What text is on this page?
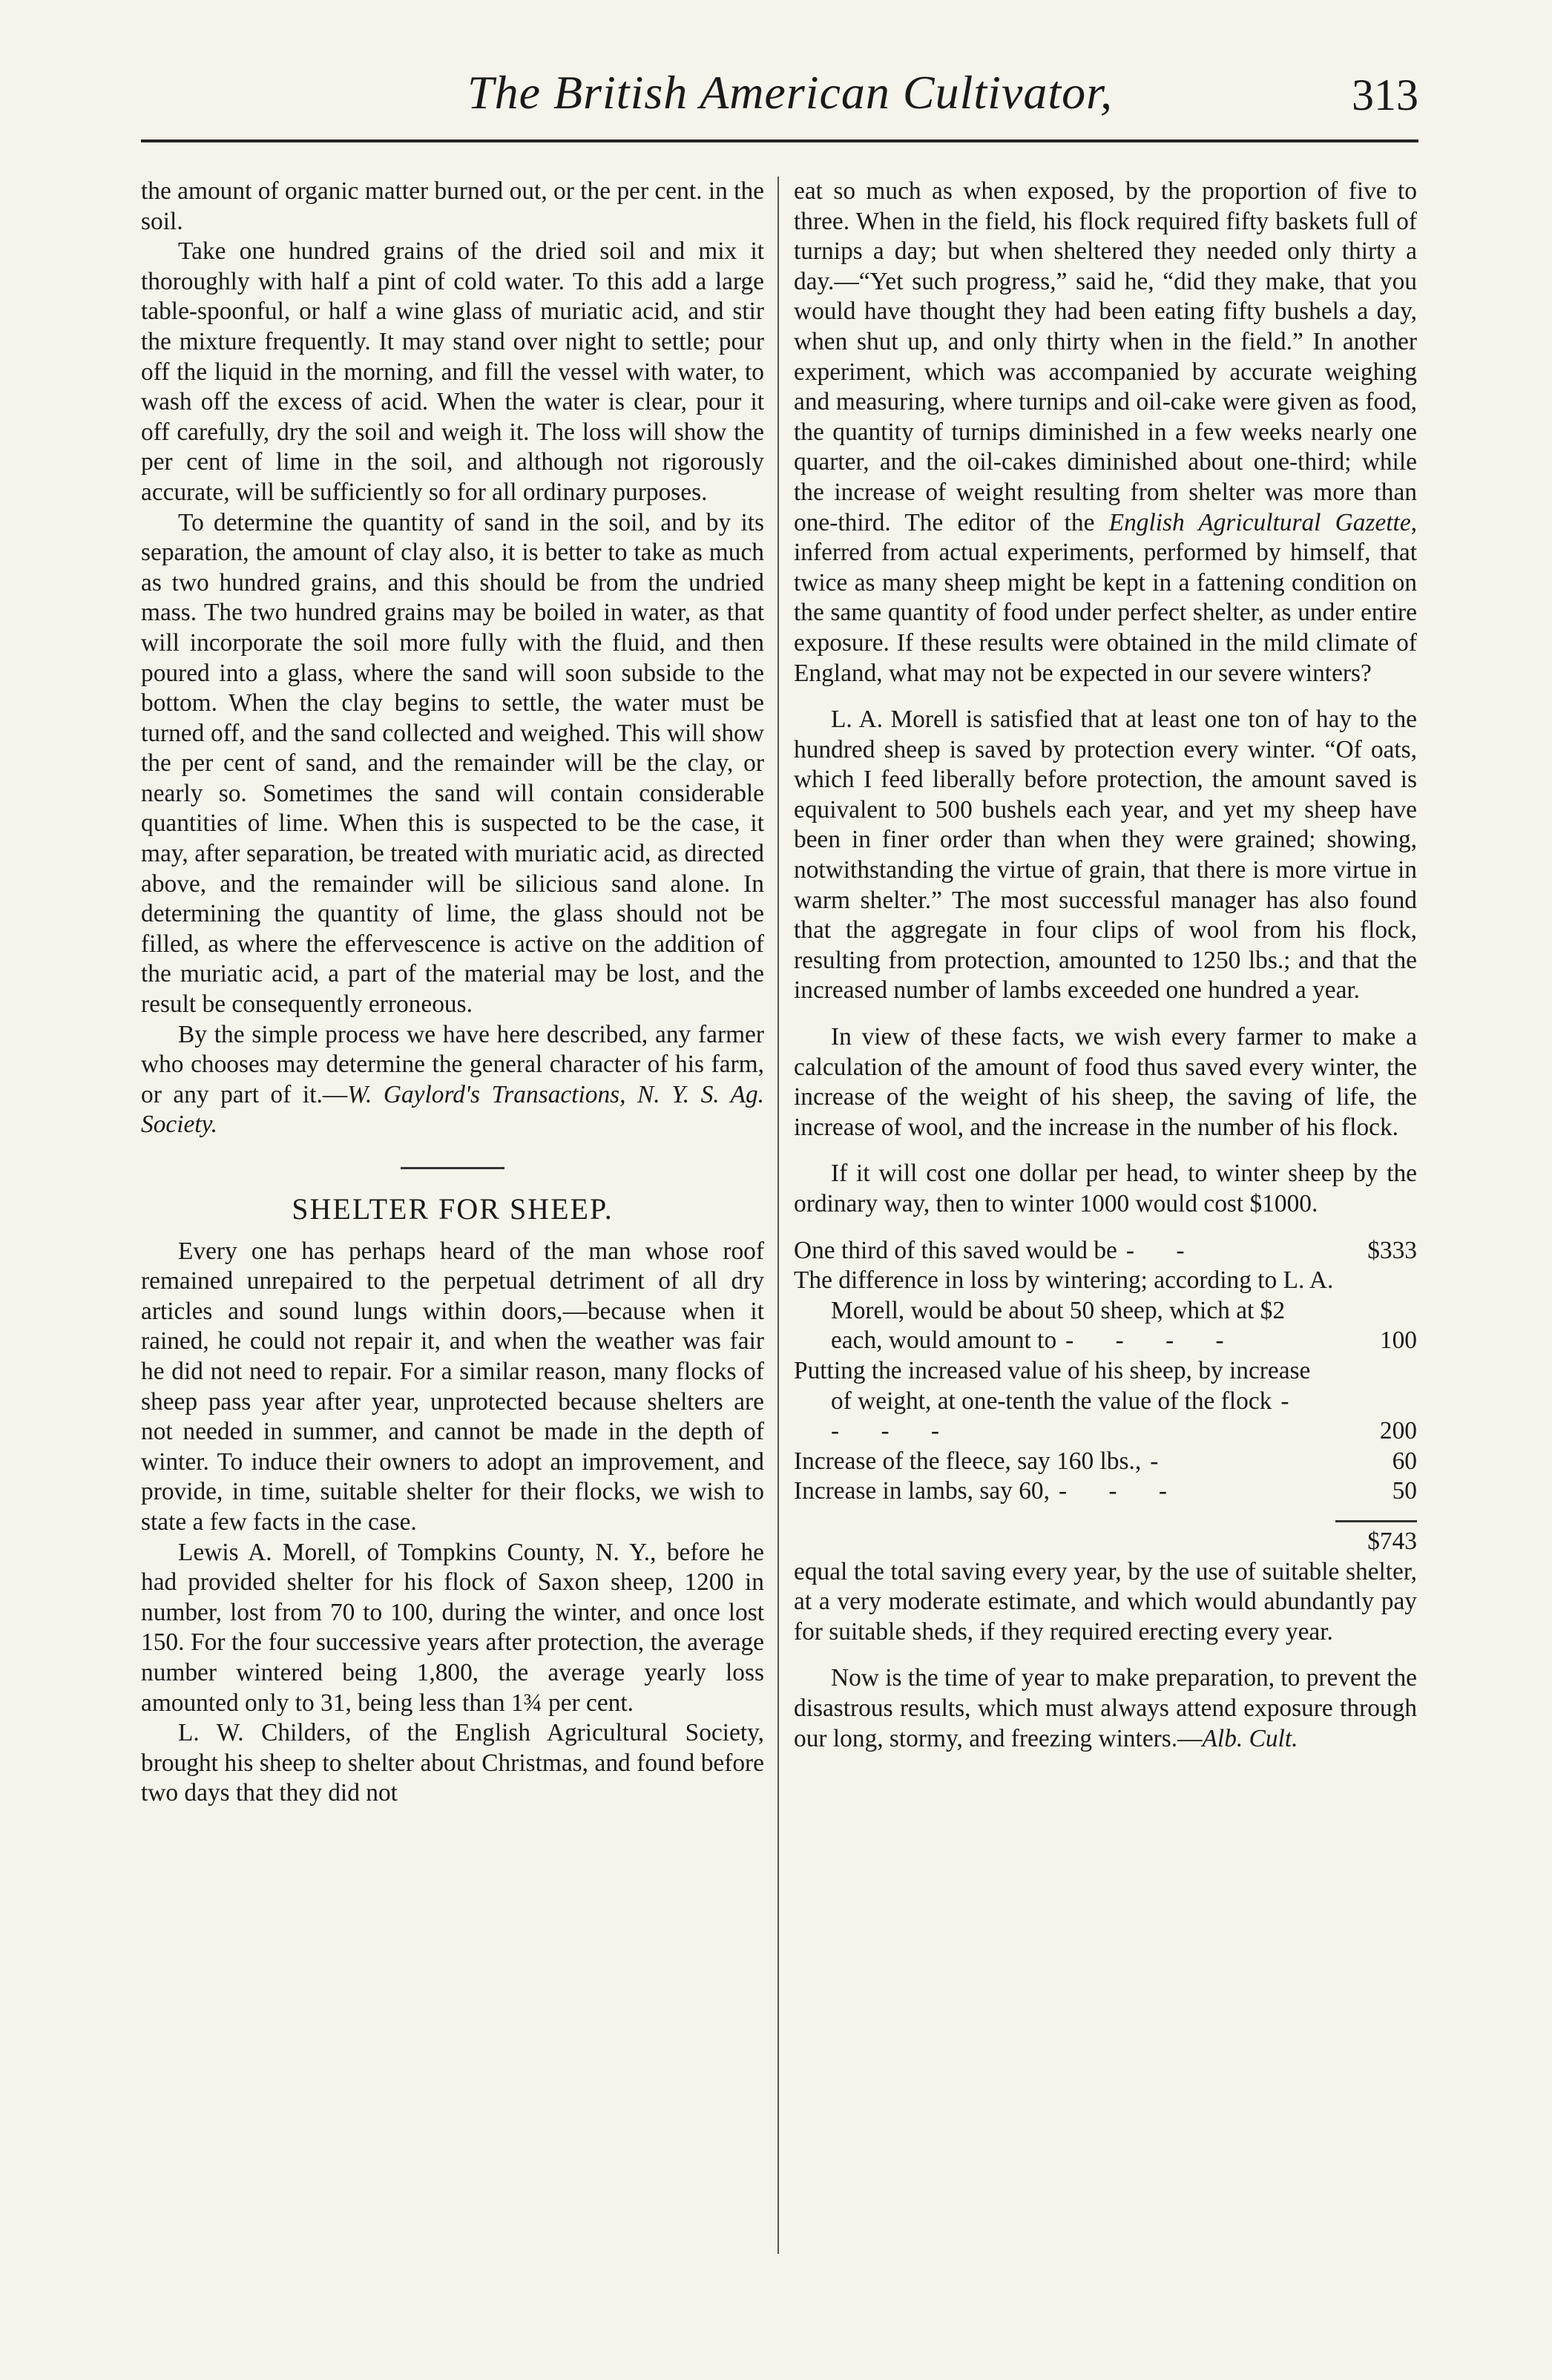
The British American Cultivator,	313

the amount of organic matter burned out, or the per cent. in the soil.

Take one hundred grains of the dried soil and mix it thoroughly with half a pint of cold water. To this add a large table-spoonful, or half a wine glass of muriatic acid, and stir the mixture frequently. It may stand over night to settle; pour off the liquid in the morning, and fill the vessel with water, to wash off the excess of acid. When the water is clear, pour it off carefully, dry the soil and weigh it. The loss will show the per cent of lime in the soil, and although not rigorously accurate, will be sufficiently so for all ordinary purposes.

To determine the quantity of sand in the soil, and by its separation, the amount of clay also, it is better to take as much as two hundred grains, and this should be from the undried mass. The two hundred grains may be boiled in water, as that will incorporate the soil more fully with the fluid, and then poured into a glass, where the sand will soon subside to the bottom. When the clay begins to settle, the water must be turned off, and the sand collected and weighed. This will show the per cent of sand, and the remainder will be the clay, or nearly so. Sometimes the sand will contain considerable quantities of lime. When this is suspected to be the case, it may, after separation, be treated with muriatic acid, as directed above, and the remainder will be silicious sand alone. In determining the quantity of lime, the glass should not be filled, as where the effervescence is active on the addition of the muriatic acid, a part of the material may be lost, and the result be consequently erroneous.

By the simple process we have here described, any farmer who chooses may determine the general character of his farm, or any part of it.—W. Gaylord's Transactions, N. Y. S. Ag. Society.

SHELTER FOR SHEEP.

Every one has perhaps heard of the man whose roof remained unrepaired to the perpetual detriment of all dry articles and sound lungs within doors,—because when it rained, he could not repair it, and when the weather was fair he did not need to repair. For a similar reason, many flocks of sheep pass year after year, unprotected because shelters are not needed in summer, and cannot be made in the depth of winter. To induce their owners to adopt an improvement, and provide, in time, suitable shelter for their flocks, we wish to state a few facts in the case.

Lewis A. Morell, of Tompkins County, N. Y., before he had provided shelter for his flock of Saxon sheep, 1200 in number, lost from 70 to 100, during the winter, and once lost 150. For the four successive years after protection, the average number wintered being 1,800, the average yearly loss amounted only to 31, being less than 1¾ per cent.

L. W. Childers, of the English Agricultural Society, brought his sheep to shelter about Christmas, and found before two days that they did not

eat so much as when exposed, by the proportion of five to three. When in the field, his flock required fifty baskets full of turnips a day; but when sheltered they needed only thirty a day.—“Yet such progress,” said he, “did they make, that you would have thought they had been eating fifty bushels a day, when shut up, and only thirty when in the field.” In another experiment, which was accompanied by accurate weighing and measuring, where turnips and oil-cake were given as food, the quantity of turnips diminished in a few weeks nearly one quarter, and the oil-cakes diminished about one-third; while the increase of weight resulting from shelter was more than one-third. The editor of the English Agricultural Gazette, inferred from actual experiments, performed by himself, that twice as many sheep might be kept in a fattening condition on the same quantity of food under perfect shelter, as under entire exposure. If these results were obtained in the mild climate of England, what may not be expected in our severe winters?

L. A. Morell is satisfied that at least one ton of hay to the hundred sheep is saved by protection every winter. “Of oats, which I feed liberally before protection, the amount saved is equivalent to 500 bushels each year, and yet my sheep have been in finer order than when they were grained; showing, notwithstanding the virtue of grain, that there is more virtue in warm shelter.” The most successful manager has also found that the aggregate in four clips of wool from his flock, resulting from protection, amounted to 1250 lbs.; and that the increased number of lambs exceeded one hundred a year.

In view of these facts, we wish every farmer to make a calculation of the amount of food thus saved every winter, the increase of the weight of his sheep, the saving of life, the increase of wool, and the increase in the number of his flock.

If it will cost one dollar per head, to winter sheep by the ordinary way, then to winter 1000 would cost $1000.

One third of this saved would be - -	$333
The difference in loss by wintering; according to L. A. Morell, would be about 50 sheep, which at $2 each, would amount to - - - -	100
Putting the increased value of his sheep, by increase of weight, at one-tenth the value of the flock - - - -	200
Increase of the fleece, say 160 lbs., -	60
Increase in lambs, say 60, - - -	50
$743

equal the total saving every year, by the use of suitable shelter, at a very moderate estimate, and which would abundantly pay for suitable sheds, if they required erecting every year.

Now is the time of year to make preparation, to prevent the disastrous results, which must always attend exposure through our long, stormy, and freezing winters.—Alb. Cult.
